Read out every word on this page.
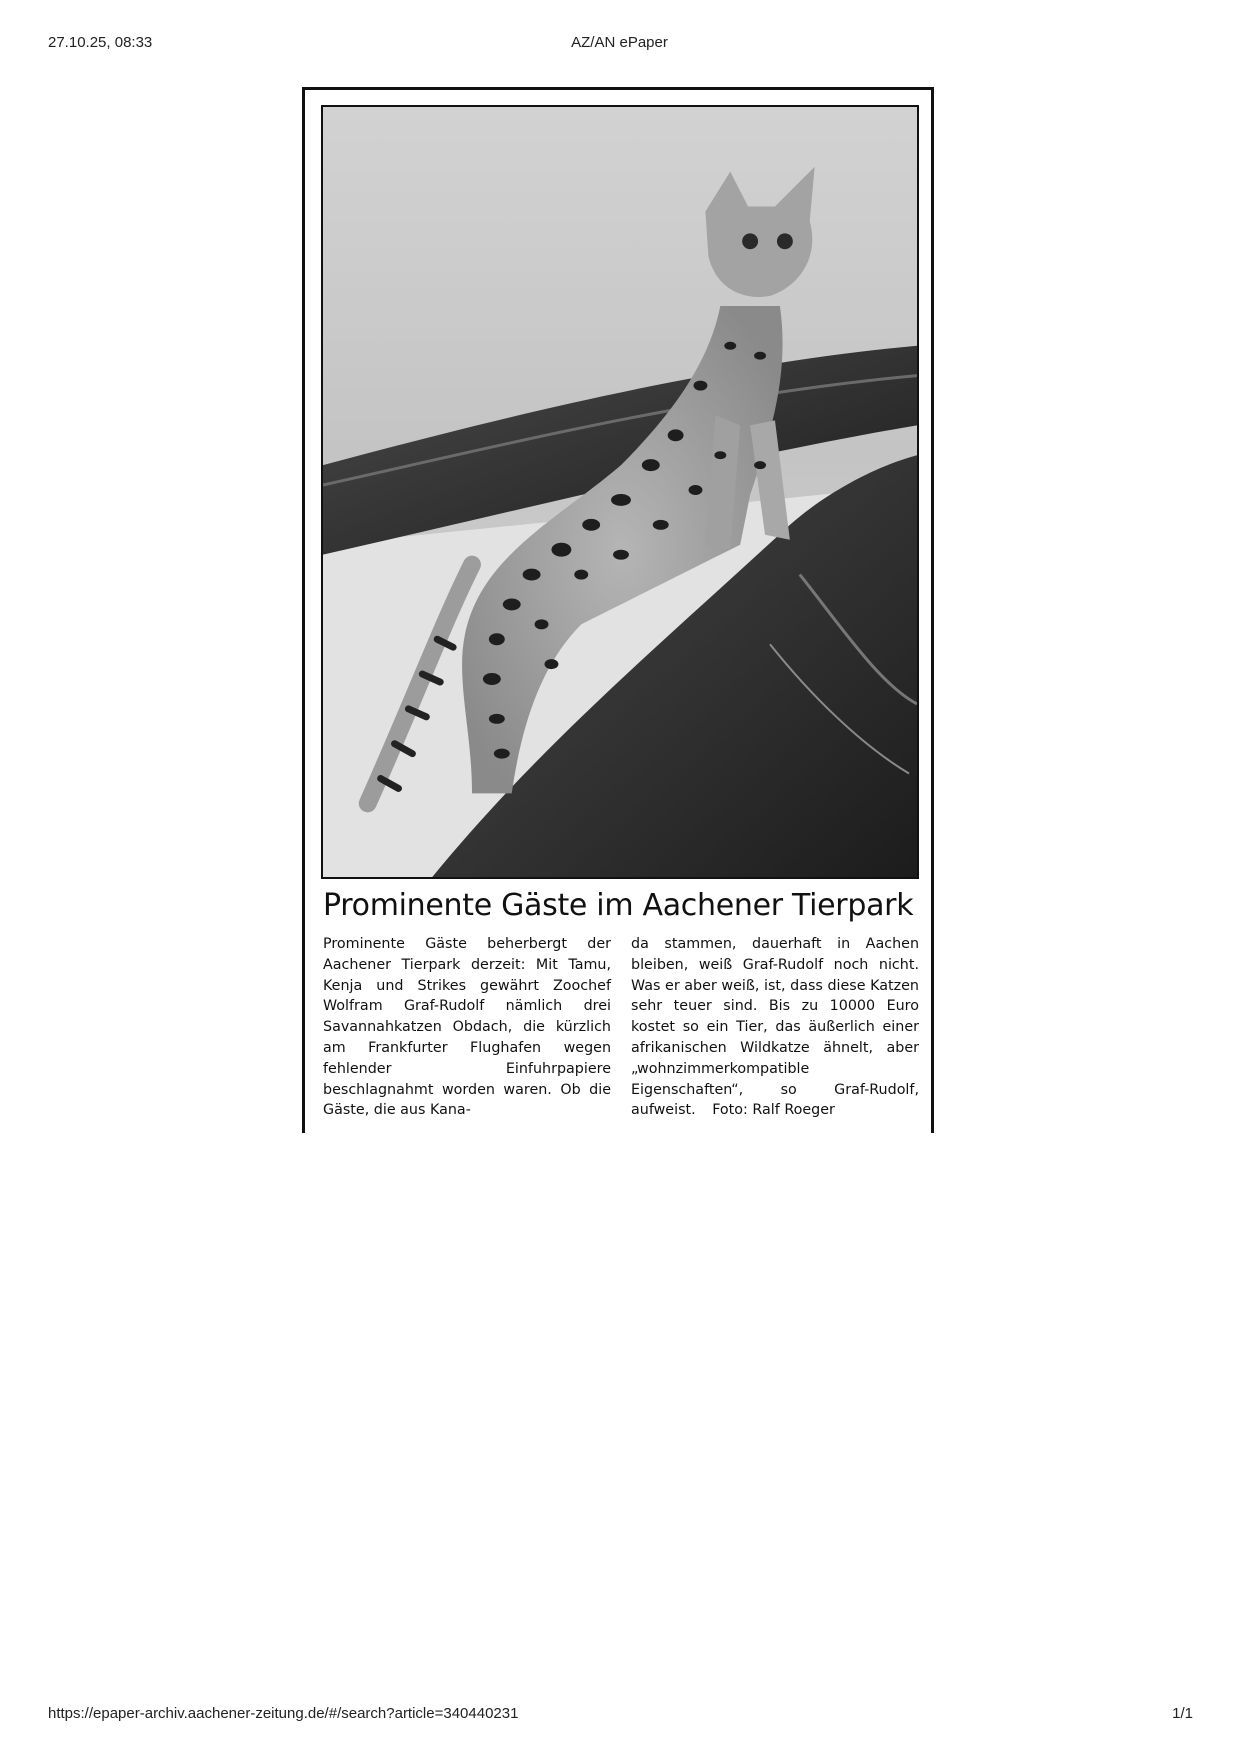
27.10.25, 08:33	AZ/AN ePaper
Prominente Gäste im Aachener Tierpark
Prominente Gäste beherbergt der Aachener Tierpark derzeit: Mit Tamu, Kenja und Strikes gewährt Zoochef Wolfram Graf-Rudolf nämlich drei Savannahkatzen Obdach, die kürzlich am Frankfurter Flughafen wegen fehlender Einfuhrpapiere beschlagnahmt worden waren. Ob die Gäste, die aus Kana-
da stammen, dauerhaft in Aachen bleiben, weiß Graf-Rudolf noch nicht. Was er aber weiß, ist, dass diese Katzen sehr teuer sind. Bis zu 10000 Euro kostet so ein Tier, das äußerlich einer afrikanischen Wildkatze ähnelt, aber „wohnzimmerkompatible Eigenschaften“, so Graf-Rudolf, aufweist. Foto: Ralf Roeger
https://epaper-archiv.aachener-zeitung.de/#/search?article=340440231	1/1
